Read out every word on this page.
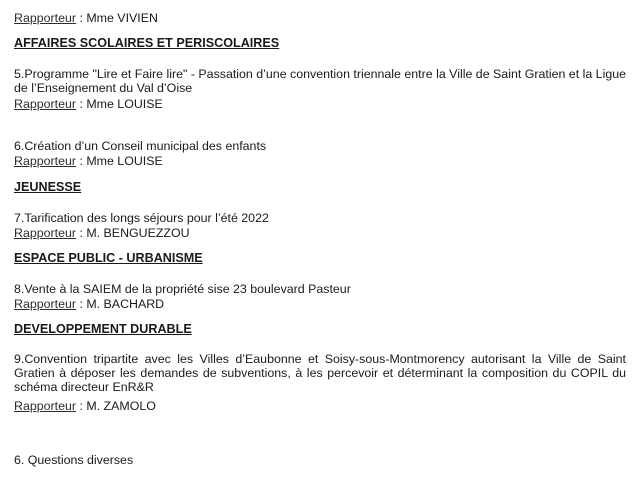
Rapporteur : Mme VIVIEN
AFFAIRES SCOLAIRES ET PERISCOLAIRES
5.Programme "Lire et Faire lire" - Passation d’une convention triennale entre la Ville de Saint Gratien et la Ligue de l’Enseignement du Val d’Oise
Rapporteur : Mme LOUISE
6.Création d’un Conseil municipal des enfants
Rapporteur : Mme LOUISE
JEUNESSE
7.Tarification des longs séjours pour l’été 2022
Rapporteur : M. BENGUEZZOU
ESPACE PUBLIC - URBANISME
8.Vente à la SAIEM de la propriété sise 23 boulevard Pasteur
Rapporteur : M. BACHARD
DEVELOPPEMENT DURABLE
9.Convention tripartite avec les Villes d’Eaubonne et Soisy-sous-Montmorency autorisant la Ville de Saint Gratien à déposer les demandes de subventions, à les percevoir et déterminant la composition du COPIL du schéma directeur EnR&R
Rapporteur : M. ZAMOLO
6. Questions diverses
